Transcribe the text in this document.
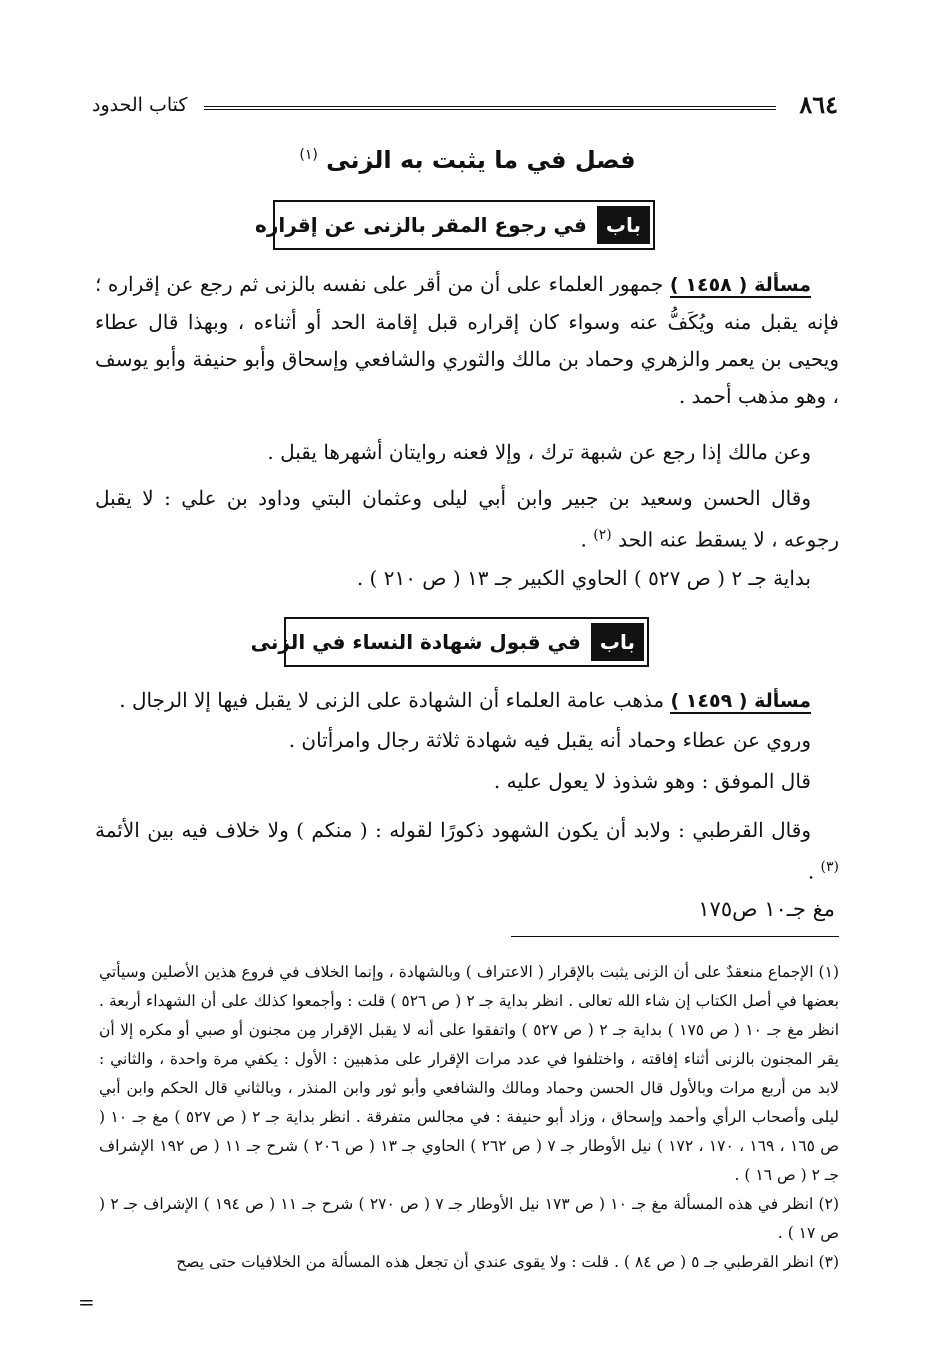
٨٦٤
كتاب الحدود
فصل في ما يثبت به الزنى $^{(١)}$
باب
في رجوع المقر بالزنى عن إقراره
مسألة ( ١٤٥٨ ) جمهور العلماء على أن من أقر على نفسه بالزنى ثم رجع عن إقراره ؛ فإنه يقبل منه ويُكَفُّ عنه وسواء كان إقراره قبل إقامة الحد أو أثناءه ، وبهذا قال عطاء ويحيى بن يعمر والزهري وحماد بن مالك والثوري والشافعي وإسحاق وأبو حنيفة وأبو يوسف ، وهو مذهب أحمد .
وعن مالك إذا رجع عن شبهة ترك ، وإلا فعنه روايتان أشهرها يقبل .
وقال الحسن وسعيد بن جبير وابن أبي ليلى وعثمان البتي وداود بن علي : لا يقبل رجوعه ، لا يسقط عنه الحد $^{(٢)}$ .
بداية جـ ٢ ( ص ٥٢٧ ) الحاوي الكبير جـ ١٣ ( ص ٢١٠ ) .
باب
في قبول شهادة النساء في الزنى
مسألة ( ١٤٥٩ ) مذهب عامة العلماء أن الشهادة على الزنى لا يقبل فيها إلا الرجال .
وروي عن عطاء وحماد أنه يقبل فيه شهادة ثلاثة رجال وامرأتان .
قال الموفق : وهو شذوذ لا يعول عليه .
وقال القرطبي : ولابد أن يكون الشهود ذكورًا لقوله : ( منكم ) ولا خلاف فيه بين الأئمة $^{(٣)}$ .
مغ جـ١٠ ص١٧٥

(١) الإجماع منعقدٌ على أن الزنى يثبت بالإقرار ( الاعتراف ) وبالشهادة ، وإنما الخلاف في فروع هذين الأصلين وسيأتي بعضها في أصل الكتاب إن شاء الله تعالى . انظر بداية جـ ٢ ( ص ٥٢٦ ) قلت : وأجمعوا كذلك على أن الشهداء أربعة . انظر مغ جـ ١٠ ( ص ١٧٥ ) بداية جـ ٢ ( ص ٥٢٧ ) واتفقوا على أنه لا يقبل الإقرار مِن مجنون أو صبي أو مكره إلا أن يقر المجنون بالزنى أثناء إفاقته ، واختلفوا في عدد مرات الإقرار على مذهبين : الأول : يكفي مرة واحدة ، والثاني : لابد من أربع مرات وبالأول قال الحسن وحماد ومالك والشافعي وأبو ثور وابن المنذر ، وبالثاني قال الحكم وابن أبي ليلى وأصحاب الرأي وأحمد وإسحاق ، وزاد أبو حنيفة : في مجالس متفرقة . انظر بداية جـ ٢ ( ص ٥٢٧ ) مغ جـ ١٠ ( ص ١٦٥ ، ١٦٩ ، ١٧٠ ، ١٧٢ ) نيل الأوطار جـ ٧ ( ص ٢٦٢ ) الحاوي جـ ١٣ ( ص ٢٠٦ ) شرح جـ ١١ ( ص ١٩٢ الإشراف جـ ٢ ( ص ١٦ ) .

(٢) انظر في هذه المسألة مغ جـ ١٠ ( ص ١٧٣ نيل الأوطار جـ ٧ ( ص ٢٧٠ ) شرح جـ ١١ ( ص ١٩٤ ) الإشراف جـ ٢ ( ص ١٧ ) .

(٣) انظر القرطبي جـ ٥ ( ص ٨٤ ) . قلت : ولا يقوى عندي أن تجعل هذه المسألة من الخلافيات حتى يصح

=
